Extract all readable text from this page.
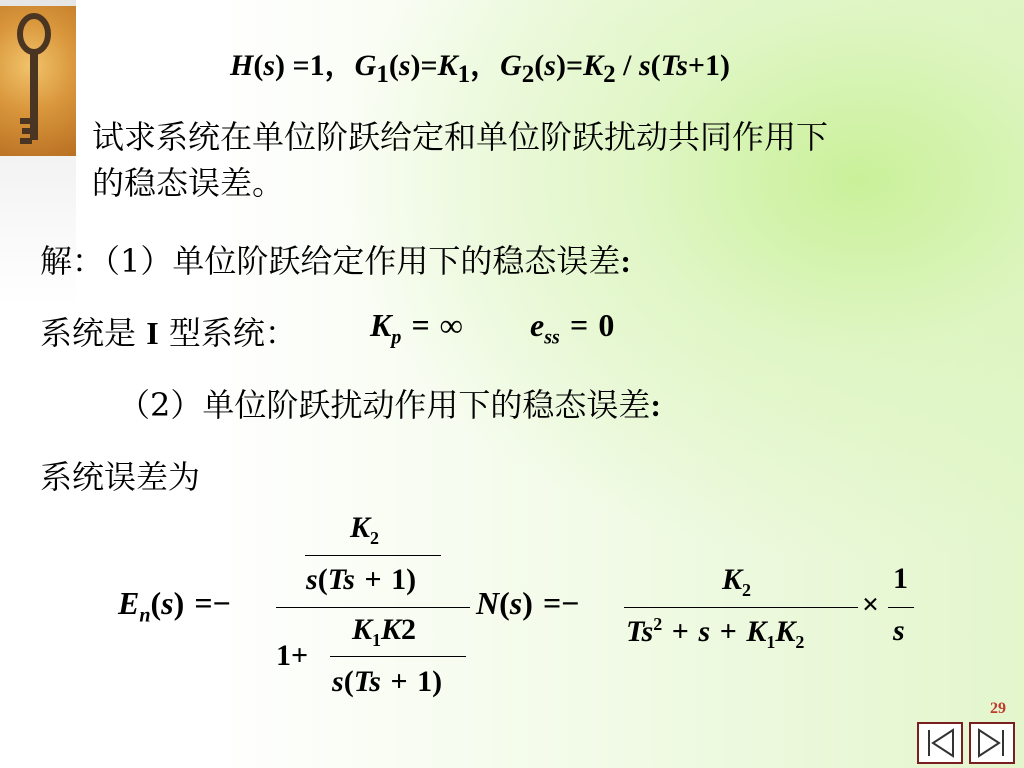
H(s) =1，$G_1(s)=K_1$，$G_2(s)=K_2 / s(Ts+1)$
试求系统在单位阶跃给定和单位阶跃扰动共同作用下
的稳态误差。
解：（1）单位阶跃给定作用下的稳态误差:
系统是 I 型系统： $K_p$ = ∞ $e_{ss} = 0$
（2）单位阶跃扰动作用下的稳态误差:
系统误差为
$E_n(s)$ =−
$K_2$
s(Ts + 1)
1+
$K_1K2$
s(Ts + 1)
N(s) =−
$K_2$
$Ts^2 + s + K_1K_2$
×
1
s
29
